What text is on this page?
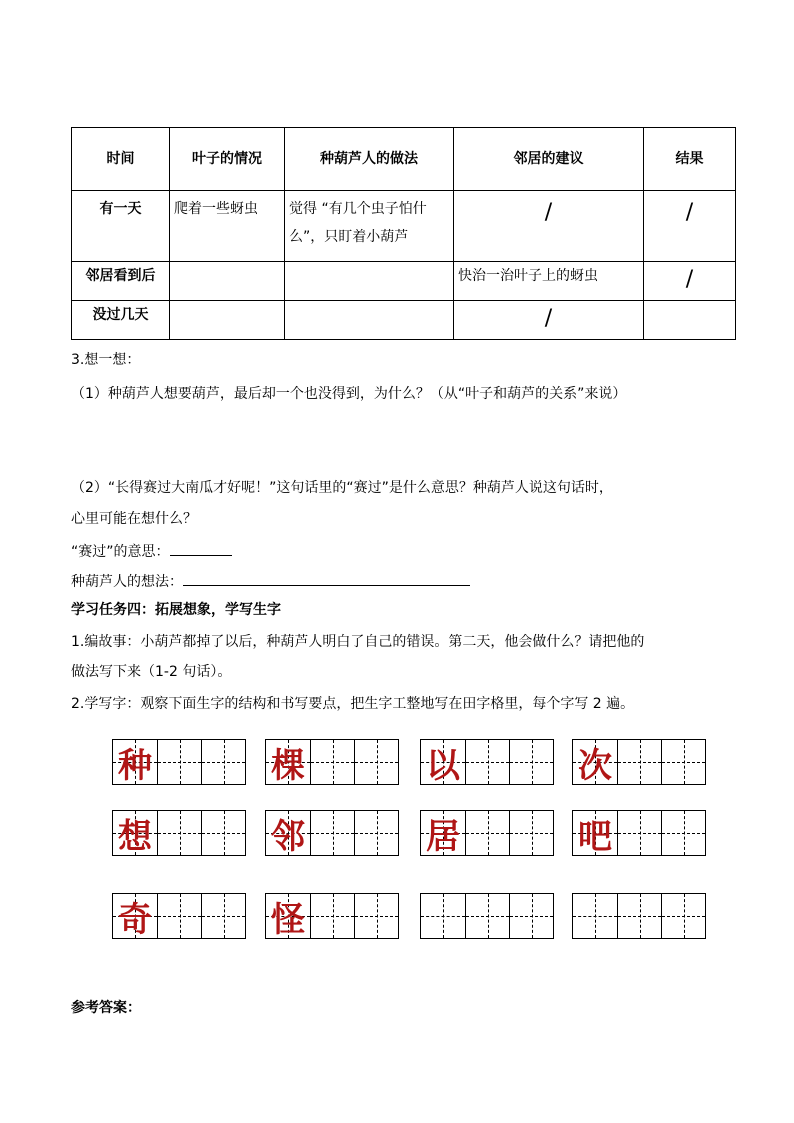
时间	叶子的情况	种葫芦人的做法	邻居的建议	结果
有一天	爬着一些蚜虫	觉得 “有几个虫子怕什么”，只盯着小葫芦	/	/
邻居看到后			快治一治叶子上的蚜虫	/
没过几天			/	
3.想一想：
（1）种葫芦人想要葫芦，最后却一个也没得到，为什么？（从“叶子和葫芦的关系”来说）
（2）“长得赛过大南瓜才好呢！”这句话里的“赛过”是什么意思？种葫芦人说这句话时，
心里可能在想什么？
“赛过”的意思：
种葫芦人的想法：
学习任务四：拓展想象，学写生字
1.编故事：小葫芦都掉了以后，种葫芦人明白了自己的错误。第二天，他会做什么？请把他的
做法写下来（1-2 句话）。
2.学写字：观察下面生字的结构和书写要点，把生字工整地写在田字格里，每个字写 2 遍。
种	棵	以	次
想	邻	居	吧
奇	怪
参考答案：
